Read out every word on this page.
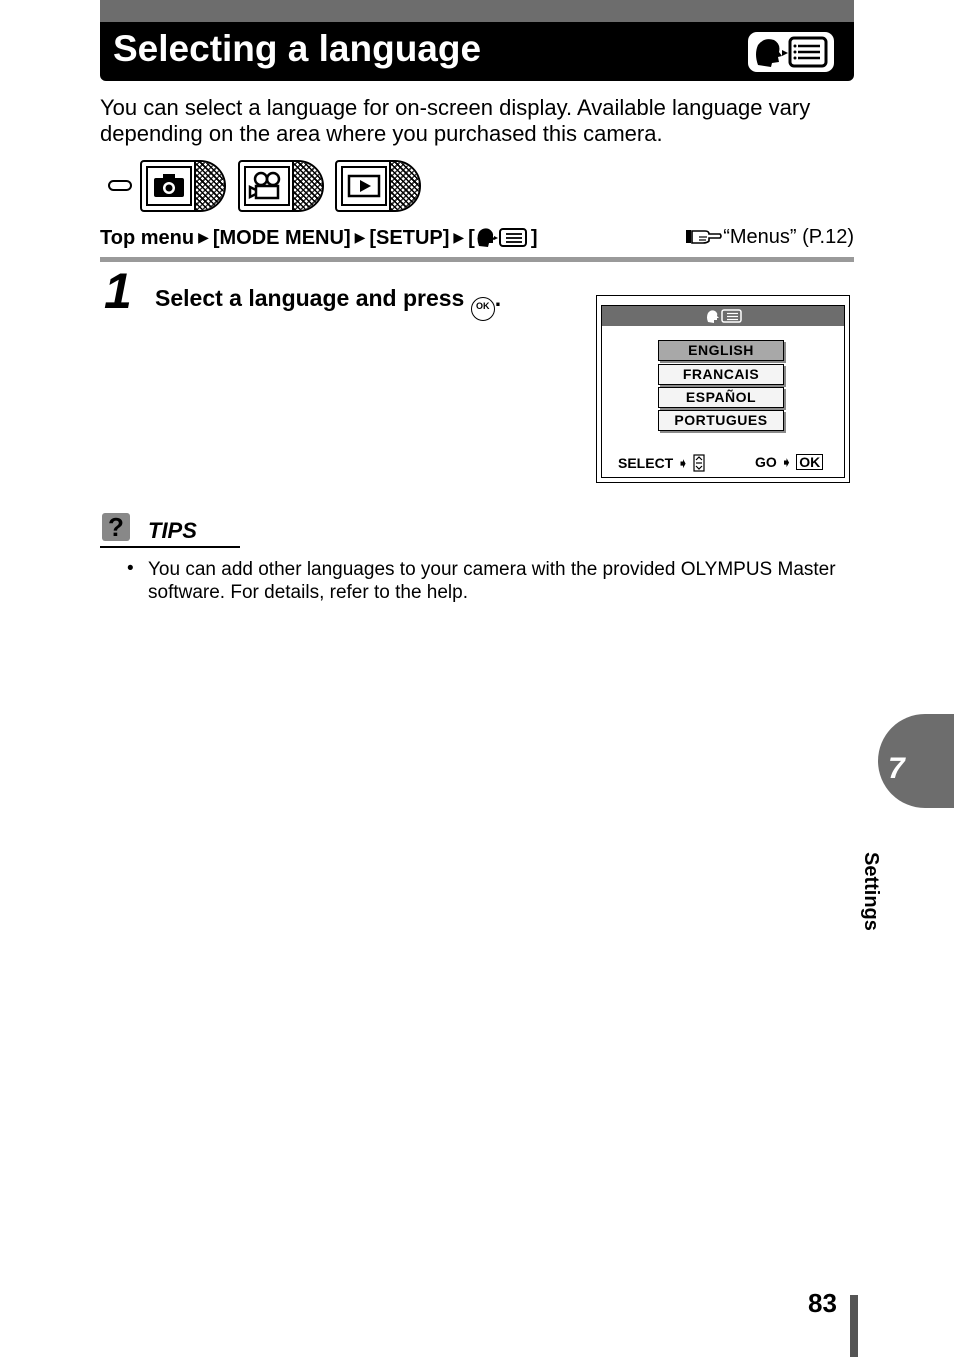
Selecting a language
You can select a language for on-screen display. Available language vary depending on the area where you purchased this camera.
Top menu ▶ [MODE MENU] ▶ [SETUP] ▶ [	]	“Menus” (P.12)
1 Select a language and press OK .
ENGLISH
FRANCAIS
ESPAÑOL
PORTUGUES
SELECT ➧	GO ➧ OK
? TIPS
• You can add other languages to your camera with the provided OLYMPUS Master software. For details, refer to the help.
7
Settings
83
